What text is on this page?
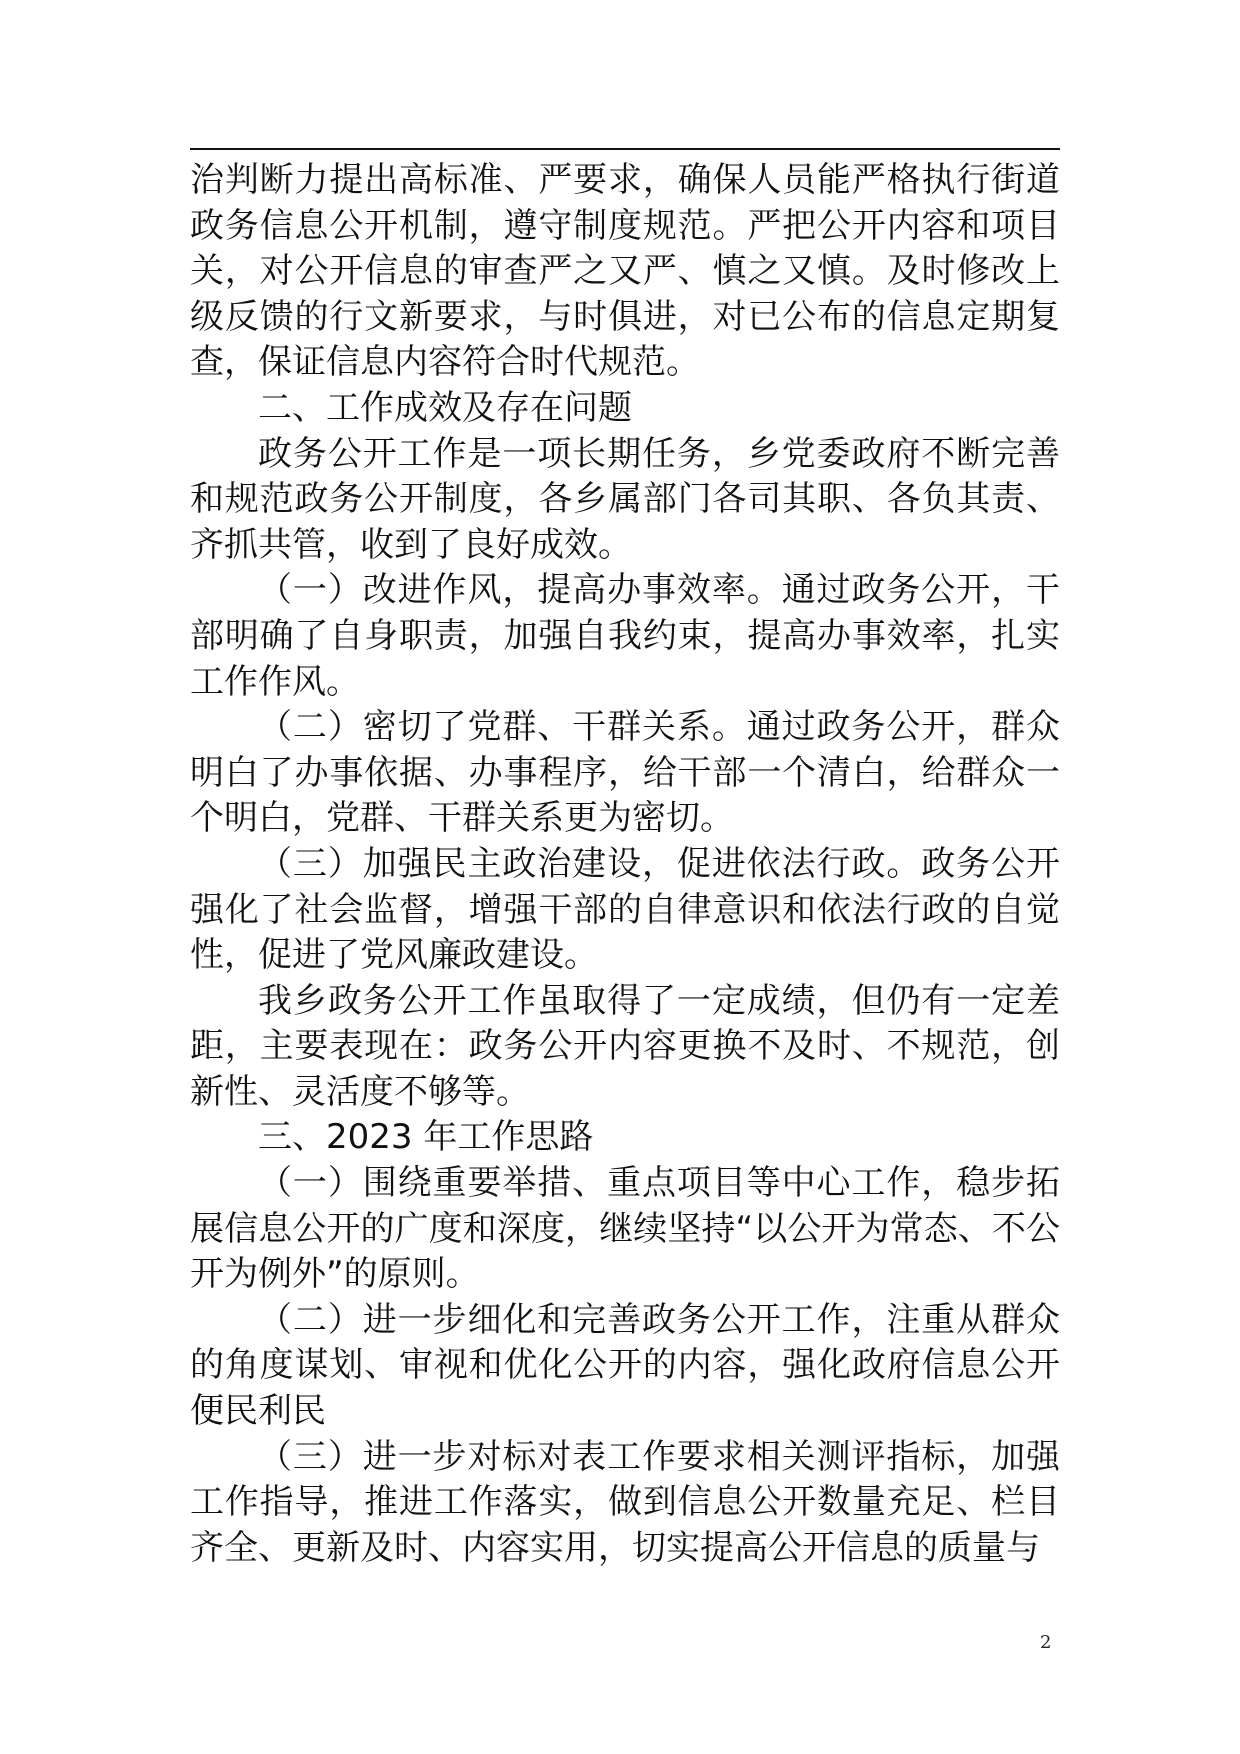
治判断力提出高标准、严要求，确保人员能严格执行街道政务信息公开机制，遵守制度规范。严把公开内容和项目关，对公开信息的审查严之又严、慎之又慎。及时修改上级反馈的行文新要求，与时俱进，对已公布的信息定期复查，保证信息内容符合时代规范。

二、工作成效及存在问题

政务公开工作是一项长期任务，乡党委政府不断完善和规范政务公开制度，各乡属部门各司其职、各负其责、齐抓共管，收到了良好成效。

（一）改进作风，提高办事效率。通过政务公开，干部明确了自身职责，加强自我约束，提高办事效率，扎实工作作风。

（二）密切了党群、干群关系。通过政务公开，群众明白了办事依据、办事程序，给干部一个清白，给群众一个明白，党群、干群关系更为密切。

（三）加强民主政治建设，促进依法行政。政务公开强化了社会监督，增强干部的自律意识和依法行政的自觉性，促进了党风廉政建设。

我乡政务公开工作虽取得了一定成绩，但仍有一定差距，主要表现在：政务公开内容更换不及时、不规范，创新性、灵活度不够等。

三、2023 年工作思路

（一）围绕重要举措、重点项目等中心工作，稳步拓展信息公开的广度和深度，继续坚持“以公开为常态、不公开为例外”的原则。

（二）进一步细化和完善政务公开工作，注重从群众的角度谋划、审视和优化公开的内容，强化政府信息公开便民利民

（三）进一步对标对表工作要求相关测评指标，加强工作指导，推进工作落实，做到信息公开数量充足、栏目齐全、更新及时、内容实用，切实提高公开信息的质量与

2
